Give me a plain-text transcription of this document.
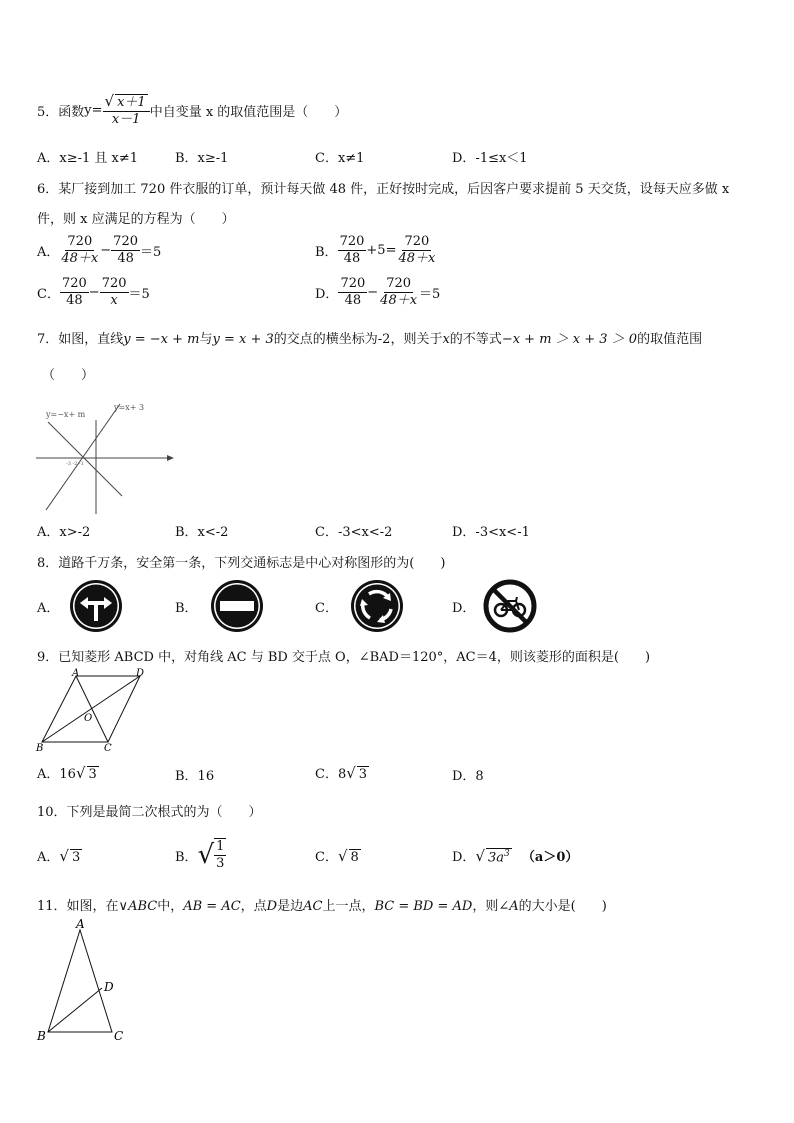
5．函数 $y= \frac{√ x+1}{x-1}$ 中自变量 x 的取值范围是（　　）
A．x≥-1 且 x≠1	B．x≥-1	C．x≠1	D．-1≤x＜1
6．某厂接到加工 720 件衣服的订单，预计每天做 48 件，正好按时完成，后因客户要求提前 5 天交货，设每天应多做 x
件，则 x 应满足的方程为（　　）
A． $\frac{720}{48+x} - \frac{720}{48} =5$	B． $\frac{720}{48} +5 = \frac{720}{48+x}$
C． $\frac{720}{48} - \frac{720}{x} =5$	D． $\frac{720}{48} - \frac{720}{48+x} =5$
7．如图，直线y = −x + m与y = x + 3的交点的横坐标为-2，则关于x的不等式−x + m ＞ x + 3 ＞ 0的取值范围
（　　）
y=−x+ m
y=x+ 3
-3 -2 -1
A．x>-2	B．x<-2	C．-3<x<-2	D．-3<x<-1
8．道路千万条，安全第一条，下列交通标志是中心对称图形的为(　　)
A．	B．	C．	D．
9．已知菱形 ABCD 中，对角线 AC 与 BD 交于点 O，∠BAD＝120°，AC＝4，则该菱形的面积是(　　)
A	D
O
B	C
A．16√ 3	B．16	C．8√ 3	D．8
10．下列是最简二次根式的为（　　）
A．√ 3	B． √ $\frac{1}{3}$	C．√ 8	D．√ $3a^3$ （a＞0）
11．如图，在∨ABC中，AB = AC，点D是边AC上一点，BC = BD = AD，则∠A的大小是(　　)
A
D
B	C
